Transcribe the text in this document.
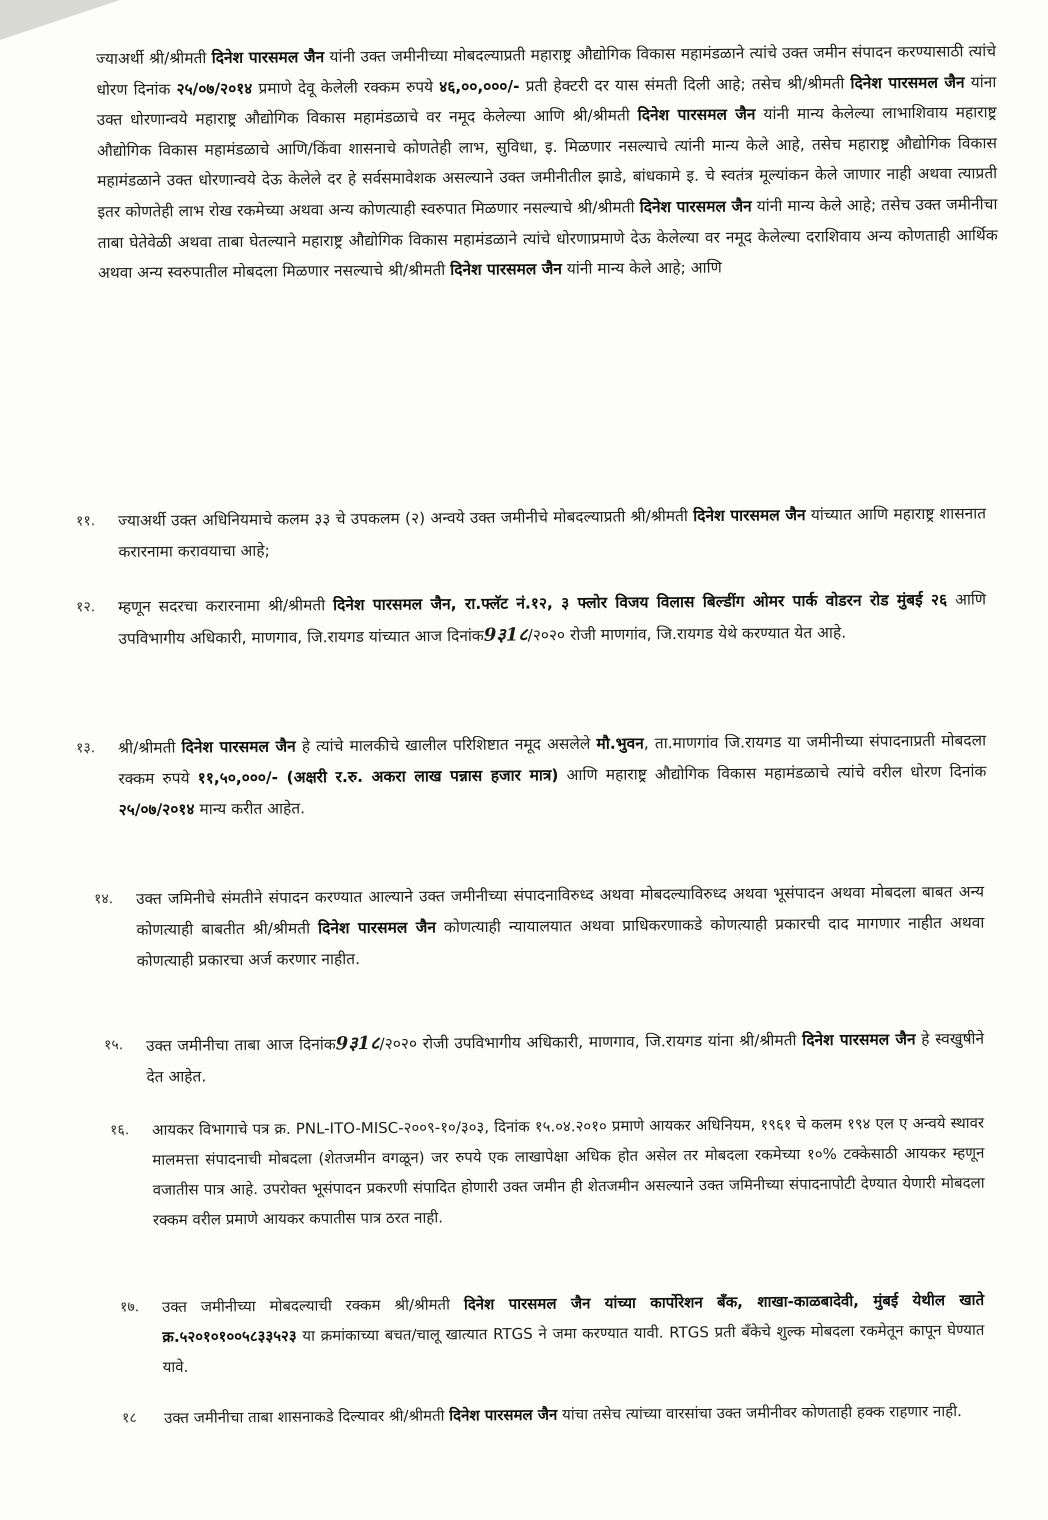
ज्याअर्थी श्री/श्रीमती दिनेश पारसमल जैन यांनी उक्त जमीनीच्या मोबदल्याप्रती महाराष्ट्र औद्योगिक विकास महामंडळाने त्यांचे उक्त जमीन संपादन करण्यासाठी त्यांचे धोरण दिनांक २५/०७/२०१४ प्रमाणे देवू केलेली रक्कम रुपये ४६,००,०००/- प्रती हेक्टरी दर यास संमती दिली आहे; तसेच श्री/श्रीमती दिनेश पारसमल जैन यांना उक्त धोरणान्वये महाराष्ट्र औद्योगिक विकास महामंडळाचे वर नमूद केलेल्या आणि श्री/श्रीमती दिनेश पारसमल जैन यांनी मान्य केलेल्या लाभाशिवाय महाराष्ट्र औद्योगिक विकास महामंडळाचे आणि/किंवा शासनाचे कोणतेही लाभ, सुविधा, इ. मिळणार नसल्याचे त्यांनी मान्य केले आहे, तसेच महाराष्ट्र औद्योगिक विकास महामंडळाने उक्त धोरणान्वये देऊ केलेले दर हे सर्वसमावेशक असल्याने उक्त जमीनीतील झाडे, बांधकामे इ. चे स्वतंत्र मूल्यांकन केले जाणार नाही अथवा त्याप्रती इतर कोणतेही लाभ रोख रकमेच्या अथवा अन्य कोणत्याही स्वरुपात मिळणार नसल्याचे श्री/श्रीमती दिनेश पारसमल जैन यांनी मान्य केले आहे; तसेच उक्त जमीनीचा ताबा घेतेवेळी अथवा ताबा घेतल्याने महाराष्ट्र औद्योगिक विकास महामंडळाने त्यांचे धोरणाप्रमाणे देऊ केलेल्या वर नमूद केलेल्या दराशिवाय अन्य कोणताही आर्थिक अथवा अन्य स्वरुपातील मोबदला मिळणार नसल्याचे श्री/श्रीमती दिनेश पारसमल जैन यांनी मान्य केले आहे; आणि
११. ज्याअर्थी उक्त अधिनियमाचे कलम ३३ चे उपकलम (२) अन्वये उक्त जमीनीचे मोबदल्याप्रती श्री/श्रीमती दिनेश पारसमल जैन यांच्यात आणि महाराष्ट्र शासनात करारनामा करावयाचा आहे;
१२. म्हणून सदरचा करारनामा श्री/श्रीमती दिनेश पारसमल जैन, रा.फ्लॅट नं.१२, ३ फ्लोर विजय विलास बिल्डींग ओमर पार्क वोडरन रोड मुंबई २६ आणि उपविभागीय अधिकारी, माणगाव, जि.रायगड यांच्यात आज दिनांक9३1८/२०२० रोजी माणगांव, जि.रायगड येथे करण्यात येत आहे.
१३. श्री/श्रीमती दिनेश पारसमल जैन हे त्यांचे मालकीचे खालील परिशिष्टात नमूद असलेले मौ.भुवन, ता.माणगांव जि.रायगड या जमीनीच्या संपादनाप्रती मोबदला रक्कम रुपये ११,५०,०००/- (अक्षरी र.रु. अकरा लाख पन्नास हजार मात्र) आणि महाराष्ट्र औद्योगिक विकास महामंडळाचे त्यांचे वरील धोरण दिनांक २५/०७/२०१४ मान्य करीत आहेत.
१४. उक्त जमिनीचे संमतीने संपादन करण्यात आल्याने उक्त जमीनीच्या संपादनाविरुध्द अथवा मोबदल्याविरुध्द अथवा भूसंपादन अथवा मोबदला बाबत अन्य कोणत्याही बाबतीत श्री/श्रीमती दिनेश पारसमल जैन कोणत्याही न्यायालयात अथवा प्राधिकरणाकडे कोणत्याही प्रकारची दाद मागणार नाहीत अथवा कोणत्याही प्रकारचा अर्ज करणार नाहीत.
१५. उक्त जमीनीचा ताबा आज दिनांक9३1८/२०२० रोजी उपविभागीय अधिकारी, माणगाव, जि.रायगड यांना श्री/श्रीमती दिनेश पारसमल जैन हे स्वखुषीने देत आहेत.
१६. आयकर विभागाचे पत्र क्र. PNL-ITO-MISC-२००९-१०/३०३, दिनांक १५.०४.२०१० प्रमाणे आयकर अधिनियम, १९६१ चे कलम १९४ एल ए अन्वये स्थावर मालमत्ता संपादनाची मोबदला (शेतजमीन वगळून) जर रुपये एक लाखापेक्षा अधिक होत असेल तर मोबदला रकमेच्या १०% टक्केसाठी आयकर म्हणून वजातीस पात्र आहे. उपरोक्त भूसंपादन प्रकरणी संपादित होणारी उक्त जमीन ही शेतजमीन असल्याने उक्त जमिनीच्या संपादनापोटी देण्यात येणारी मोबदला रक्कम वरील प्रमाणे आयकर कपातीस पात्र ठरत नाही.
१७. उक्त जमीनीच्या मोबदल्याची रक्कम श्री/श्रीमती दिनेश पारसमल जैन यांच्या कार्पोरेशन बँक, शाखा-काळबादेवी, मुंबई येथील खाते क्र.५२०१०१००५८३३५२३ या क्रमांकाच्या बचत/चालू खात्यात RTGS ने जमा करण्यात यावी. RTGS प्रती बँकेचे शुल्क मोबदला रकमेतून कापून घेण्यात यावे.
१८ उक्त जमीनीचा ताबा शासनाकडे दिल्यावर श्री/श्रीमती दिनेश पारसमल जैन यांचा तसेच त्यांच्या वारसांचा उक्त जमीनीवर कोणताही हक्क राहणार नाही.
